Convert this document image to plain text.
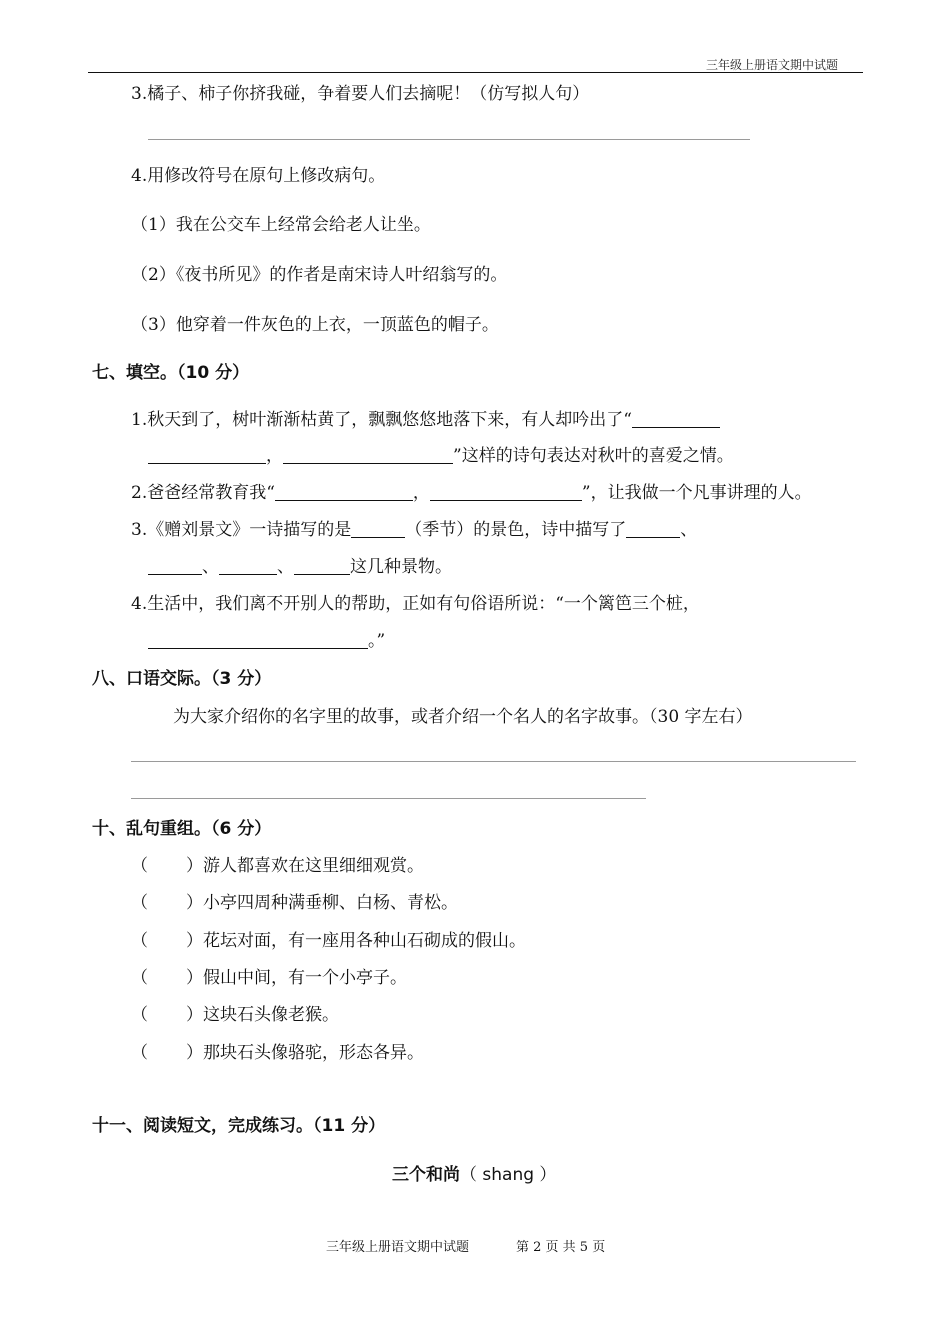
三年级上册语文期中试题
3.橘子、柿子你挤我碰，争着要人们去摘呢！（仿写拟人句）
4.用修改符号在原句上修改病句。
（1）我在公交车上经常会给老人让坐。
（2）《夜书所见》的作者是南宋诗人叶绍翁写的。
（3）他穿着一件灰色的上衣，一顶蓝色的帽子。
七、填空。（10 分）
1.秋天到了，树叶渐渐枯黄了，飘飘悠悠地落下来，有人却吟出了“
，	”这样的诗句表达对秋叶的喜爱之情。
2.爸爸经常教育我“	，	”，让我做一个凡事讲理的人。
3.《赠刘景文》一诗描写的是	（季节）的景色，诗中描写了	、
、	、	这几种景物。
4.生活中，我们离不开别人的帮助，正如有句俗语所说：“一个篱笆三个桩，
。”
八、口语交际。（3 分）
为大家介绍你的名字里的故事，或者介绍一个名人的名字故事。（30 字左右）
十、乱句重组。（6 分）
（ ）游人都喜欢在这里细细观赏。
（ ）小亭四周种满垂柳、白杨、青松。
（ ）花坛对面，有一座用各种山石砌成的假山。
（ ）假山中间，有一个小亭子。
（ ）这块石头像老猴。
（ ）那块石头像骆驼，形态各异。
十一、阅读短文，完成练习。（11 分）
三个和尚（ shang ）
三年级上册语文期中试题	第 2 页 共 5 页
